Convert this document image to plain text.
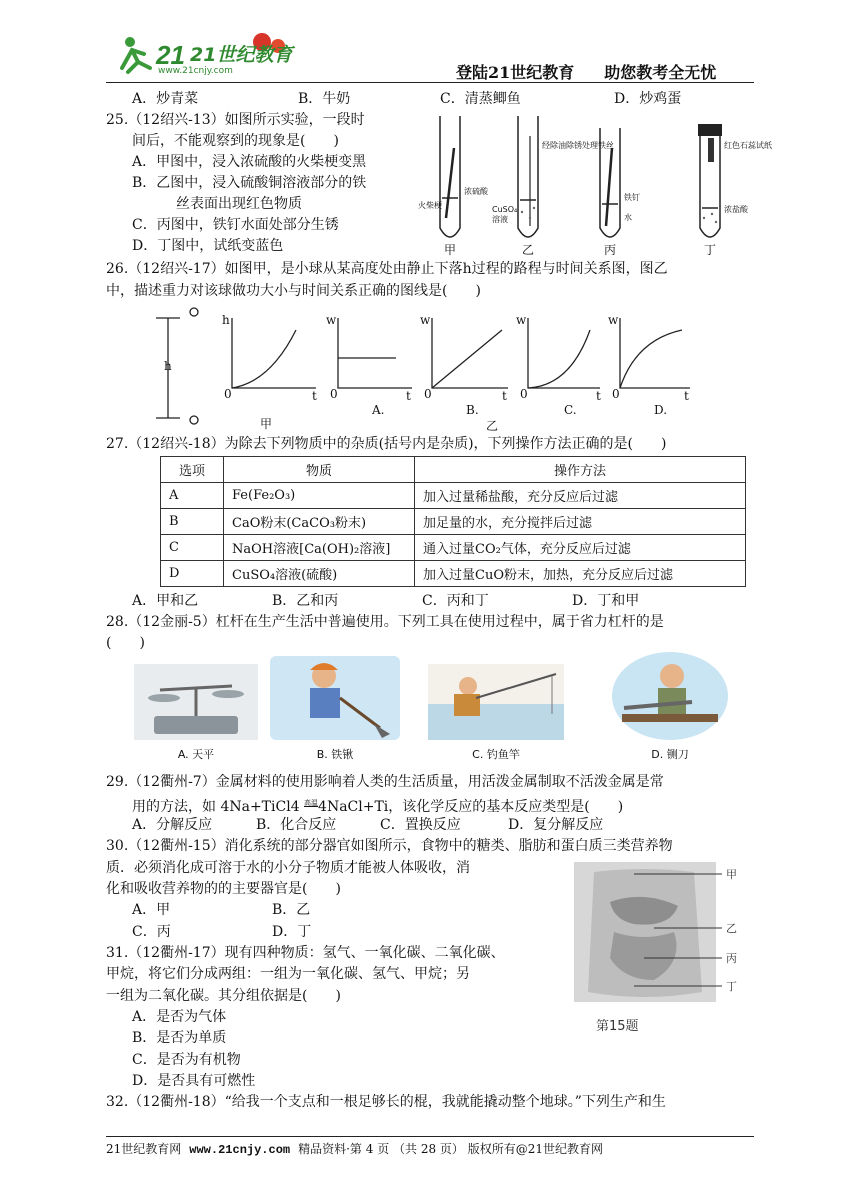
21 21世纪教育
www.21cnjy.com	登陆21世纪教育 助您教考全无忧
A．炒青菜	B．牛奶	C．清蒸鲫鱼	D．炒鸡蛋
25.（12绍兴-13）如图所示实验，一段时
间后，不能观察到的现象是(　　)
A．甲图中，浸入浓硫酸的火柴梗变黑
B．乙图中，浸入硫酸铜溶液部分的铁
丝表面出现红色物质
C．丙图中，铁钉水面处部分生锈
D．丁图中，试纸变蓝色
火柴梗
浓硫酸
CuSO₄
溶液
铁钉
水
浓盐酸
红色石蕊试纸
经除油除锈处理铁丝
甲	乙	丙	丁
26.（12绍兴-17）如图甲，是小球从某高度处由静止下落h过程的路程与时间关系图，图乙
中，描述重力对该球做功大小与时间关系正确的图线是(　　)
h
h
0	t
w
0	t
w
0	t
w
0	t
w
0	t
甲
A.	B.	C.	D.
乙
27.（12绍兴-18）为除去下列物质中的杂质(括号内是杂质)，下列操作方法正确的是(　　)
选项	物质	操作方法
A	Fe(Fe₂O₃)	加入过量稀盐酸，充分反应后过滤
B	CaO粉末(CaCO₃粉末)	加足量的水，充分搅拌后过滤
C	NaOH溶液[Ca(OH)₂溶液]	通入过量CO₂气体，充分反应后过滤
D	CuSO₄溶液(硫酸)	加入过量CuO粉末，加热，充分反应后过滤
A．甲和乙	B．乙和丙	C．丙和丁	D．丁和甲
28.（12金丽-5）杠杆在生产生活中普遍使用。下列工具在使用过程中，属于省力杠杆的是
(　　)
A. 天平	B. 铁锹	C. 钓鱼竿	D. 铡刀
29.（12衢州-7）金属材料的使用影响着人类的生活质量，用活泼金属制取不活泼金属是常
用的方法，如 4Na+TiCl4 $^{高温}$4NaCl+Ti，该化学反应的基本反应类型是(　　)
A．分解反应	B．化合反应	C．置换反应	D．复分解反应
30.（12衢州-15）消化系统的部分器官如图所示，食物中的糖类、脂肪和蛋白质三类营养物
质．必须消化成可溶于水的小分子物质才能被人体吸收，消
化和吸收营养物的的主要器官是(　　)
A．甲	B．乙
C．丙	D．丁
甲
乙
丙
丁
第15题
31.（12衢州-17）现有四种物质：氢气、一氧化碳、二氧化碳、
甲烷，将它们分成两组：一组为一氧化碳、氢气、甲烷；另
一组为二氧化碳。其分组依据是(　　)
A．是否为气体
B．是否为单质
C．是否为有机物
D．是否具有可燃性
32.（12衢州-18）“给我一个支点和一根足够长的棍，我就能撬动整个地球。”下列生产和生
21世纪教育网 www.21cnjy.com 精品资料·第 4 页 （共 28 页） 版权所有@21世纪教育网
